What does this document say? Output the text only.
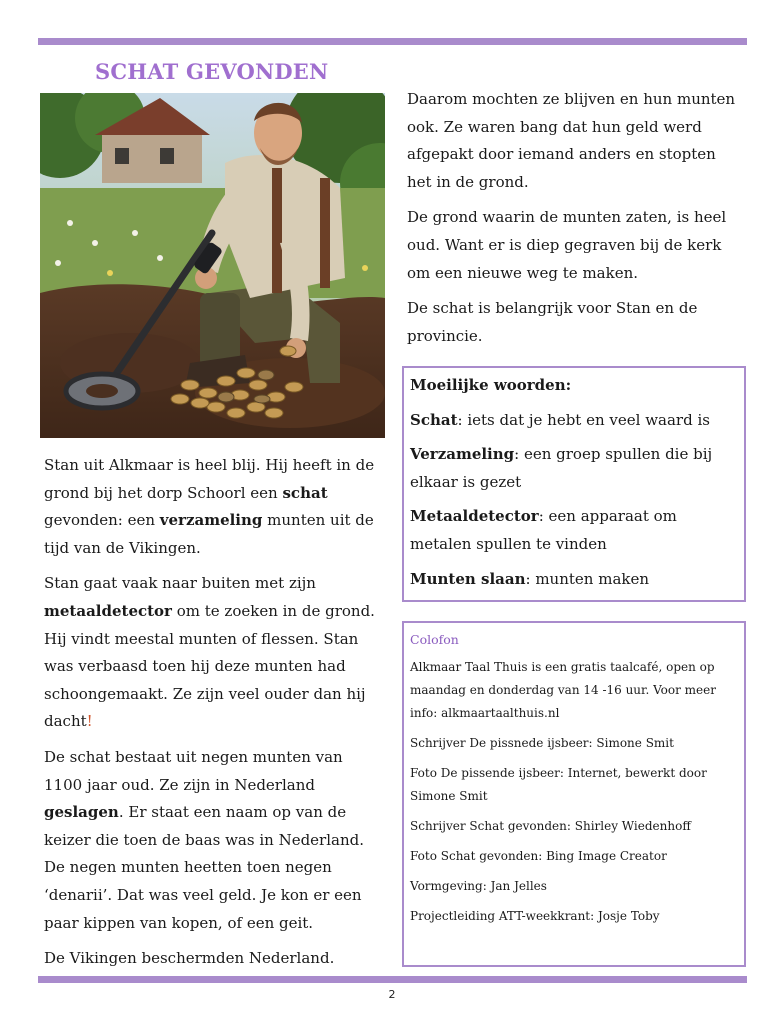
SCHAT GEVONDEN

Stan uit Alkmaar is heel blij. Hij heeft in de grond bij het dorp Schoorl een schat gevonden: een verzameling munten uit de tijd van de Vikingen.

Stan gaat vaak naar buiten met zijn metaaldetector om te zoeken in de grond. Hij vindt meestal munten of flessen. Stan was verbaasd toen hij deze munten had schoongemaakt. Ze zijn veel ouder dan hij dacht!

De schat bestaat uit negen munten van 1100 jaar oud. Ze zijn in Nederland geslagen. Er staat een naam op van de keizer die toen de baas was in Nederland. De negen munten heetten toen negen ‘denarii’. Dat was veel geld. Je kon er een paar kippen van kopen, of een geit.

De Vikingen beschermden Nederland.

Daarom mochten ze blijven en hun munten ook. Ze waren bang dat hun geld werd afgepakt door iemand anders en stopten het in de grond.

De grond waarin de munten zaten, is heel oud. Want er is diep gegraven bij de kerk om een nieuwe weg te maken.

De schat is belangrijk voor Stan en de provincie.

Moeilijke woorden:

Schat: iets dat je hebt en veel waard is

Verzameling: een groep spullen die bij elkaar is gezet

Metaaldetector: een apparaat om metalen spullen te vinden

Munten slaan: munten maken

Colofon

Alkmaar Taal Thuis is een gratis taalcafé, open op maandag en donderdag van 14 -16 uur. Voor meer info: alkmaartaalthuis.nl

Schrijver De pissnede ijsbeer: Simone Smit

Foto De pissende ijsbeer: Internet, bewerkt door Simone Smit

Schrijver Schat gevonden: Shirley Wiedenhoff

Foto Schat gevonden: Bing Image Creator

Vormgeving: Jan Jelles

Projectleiding ATT-weekkrant: Josje Toby

2
